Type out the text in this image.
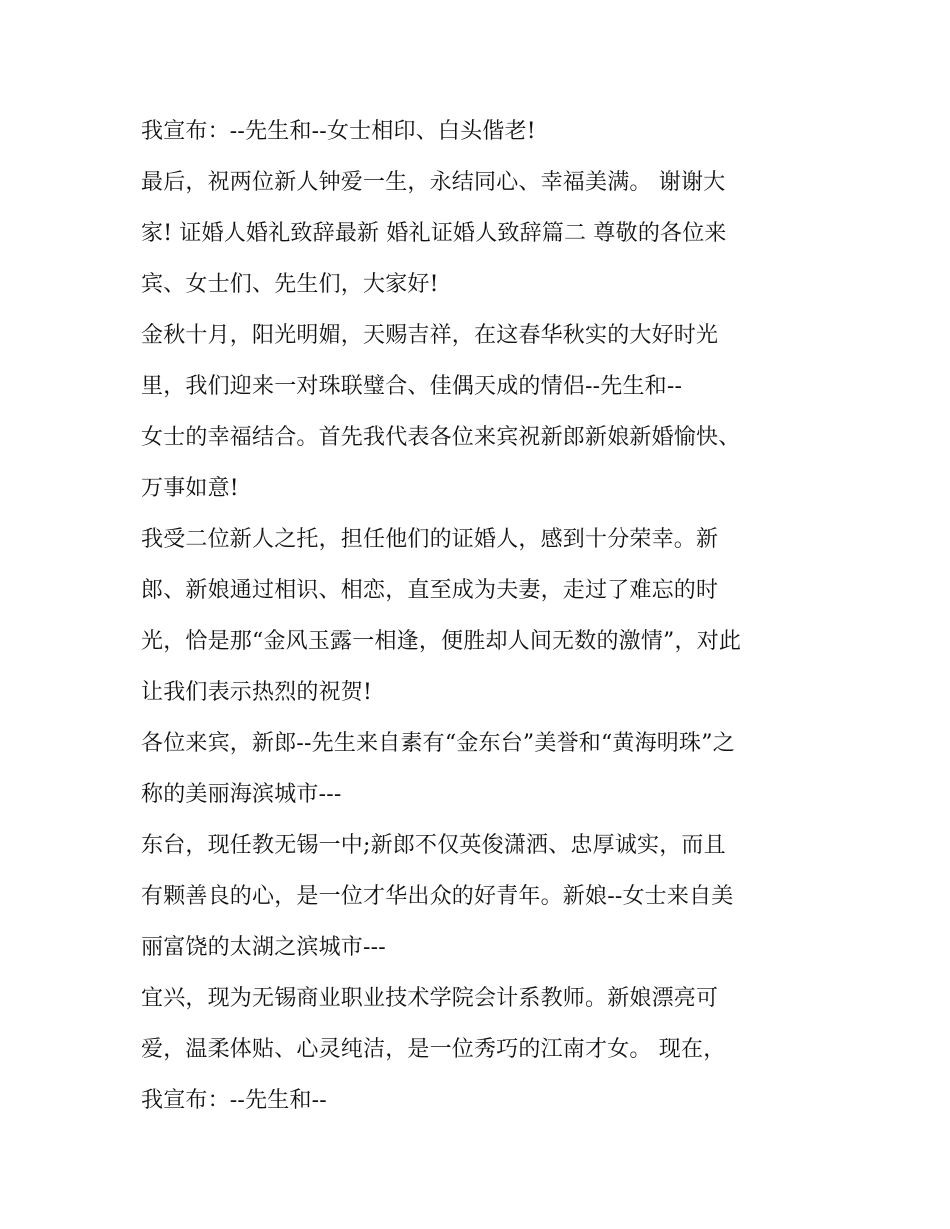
我宣布：--先生和--女士相印、白头偕老!
最后，祝两位新人钟爱一生，永结同心、幸福美满。 谢谢大
家! 证婚人婚礼致辞最新 婚礼证婚人致辞篇二 尊敬的各位来
宾、女士们、先生们，大家好!
金秋十月，阳光明媚，天赐吉祥，在这春华秋实的大好时光
里，我们迎来一对珠联璧合、佳偶天成的情侣--先生和--
女士的幸福结合。首先我代表各位来宾祝新郎新娘新婚愉快、
万事如意!
我受二位新人之托，担任他们的证婚人，感到十分荣幸。新
郎、新娘通过相识、相恋，直至成为夫妻，走过了难忘的时
光，恰是那“金风玉露一相逢，便胜却人间无数的激情”，对此
让我们表示热烈的祝贺!
各位来宾，新郎--先生来自素有“金东台”美誉和“黄海明珠”之
称的美丽海滨城市---
东台，现任教无锡一中;新郎不仅英俊潇洒、忠厚诚实，而且
有颗善良的心，是一位才华出众的好青年。新娘--女士来自美
丽富饶的太湖之滨城市---
宜兴，现为无锡商业职业技术学院会计系教师。新娘漂亮可
爱，温柔体贴、心灵纯洁，是一位秀巧的江南才女。 现在，
我宣布：--先生和--
